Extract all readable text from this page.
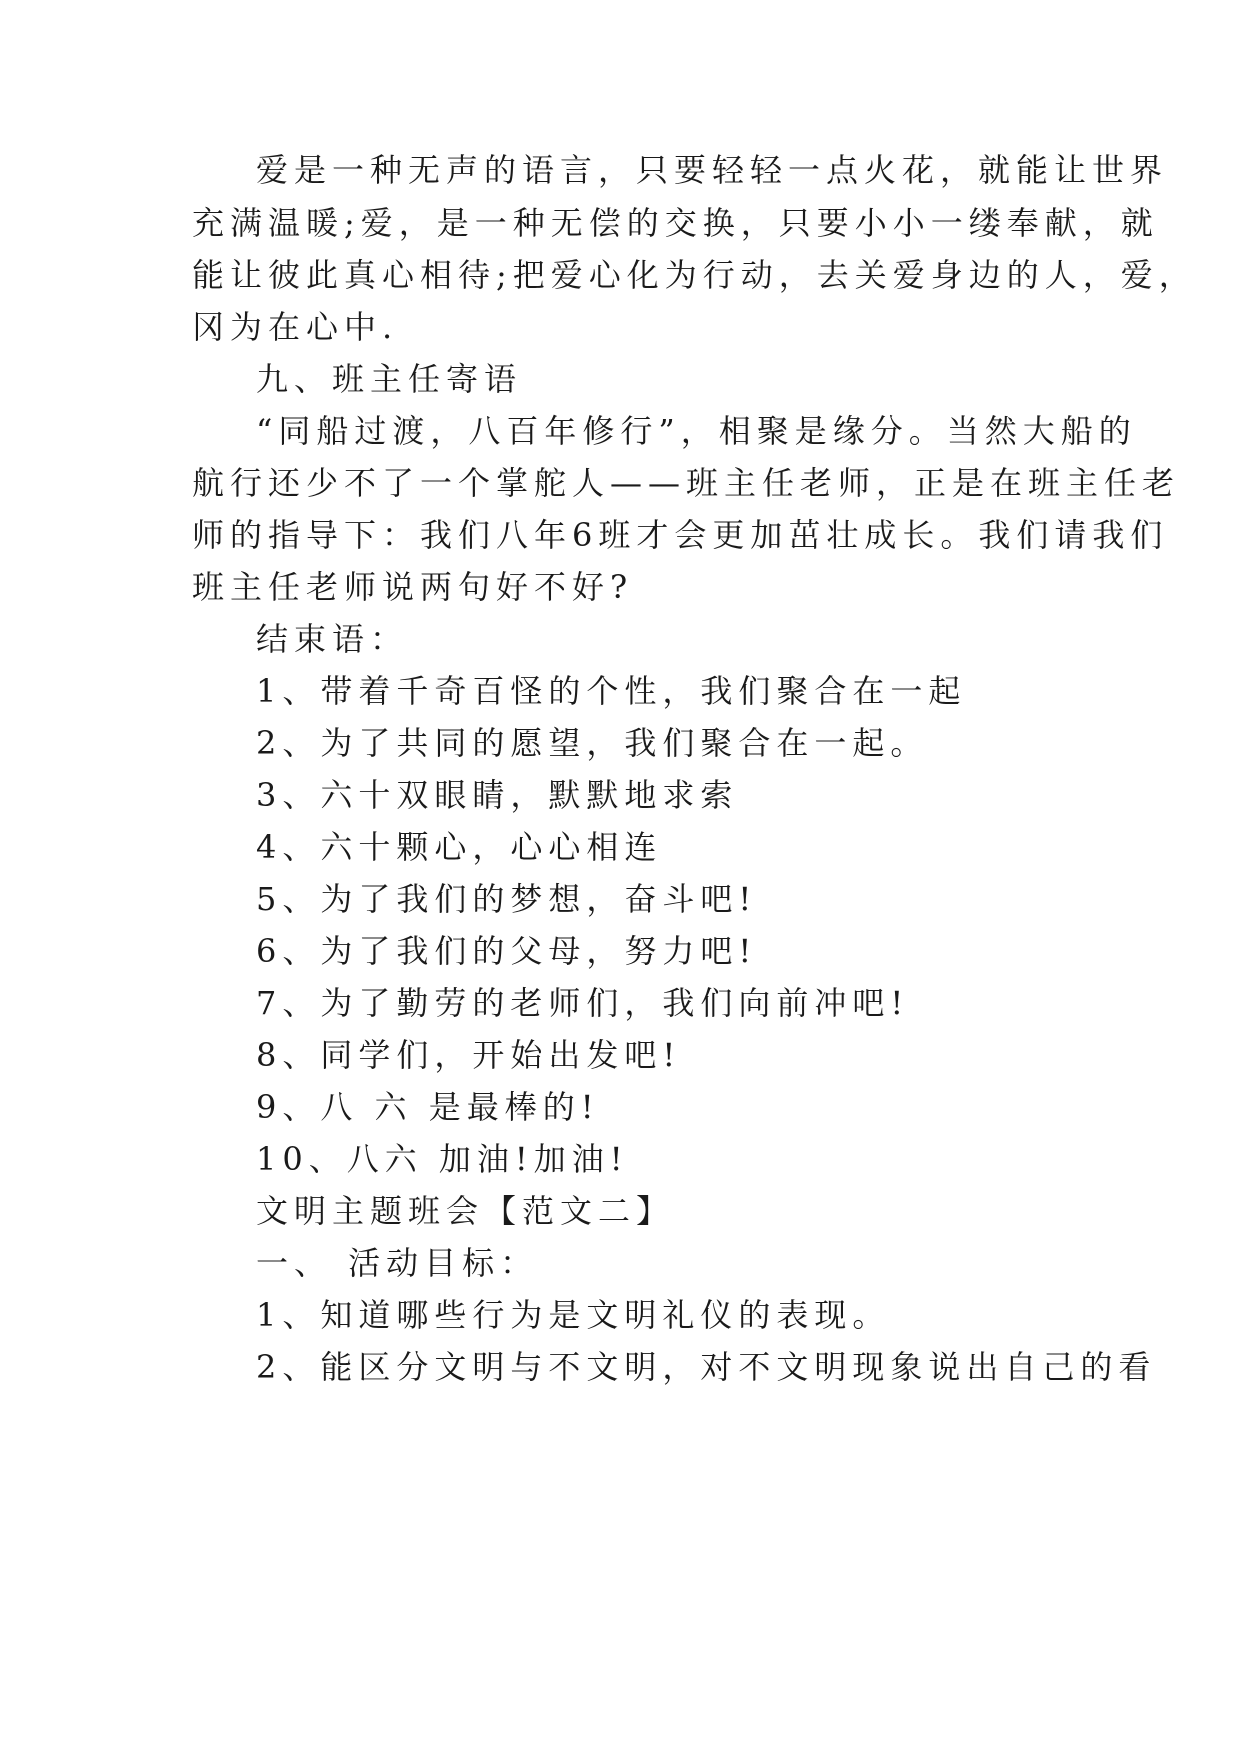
爱是一种无声的语言，只要轻轻一点火花，就能让世界

充满温暖;爱，是一种无偿的交换，只要小小一缕奉献，就

能让彼此真心相待;把爱心化为行动，去关爱身边的人，爱，

冈为在心中.

九、班主任寄语

“同船过渡，八百年修行”，相聚是缘分。当然大船的

航行还少不了一个掌舵人——班主任老师，正是在班主任老

师的指导下：我们八年6班才会更加茁壮成长。我们请我们

班主任老师说两句好不好?

结束语：

1、带着千奇百怪的个性，我们聚合在一起

2、为了共同的愿望，我们聚合在一起。

3、六十双眼睛，默默地求索

4、六十颗心，心心相连

5、为了我们的梦想，奋斗吧!

6、为了我们的父母，努力吧!

7、为了勤劳的老师们，我们向前冲吧!

8、同学们，开始出发吧!

9、八 六 是最棒的!

10、八六 加油!加油!

文明主题班会【范文二】

一、 活动目标：

1、知道哪些行为是文明礼仪的表现。

2、能区分文明与不文明，对不文明现象说出自己的看
